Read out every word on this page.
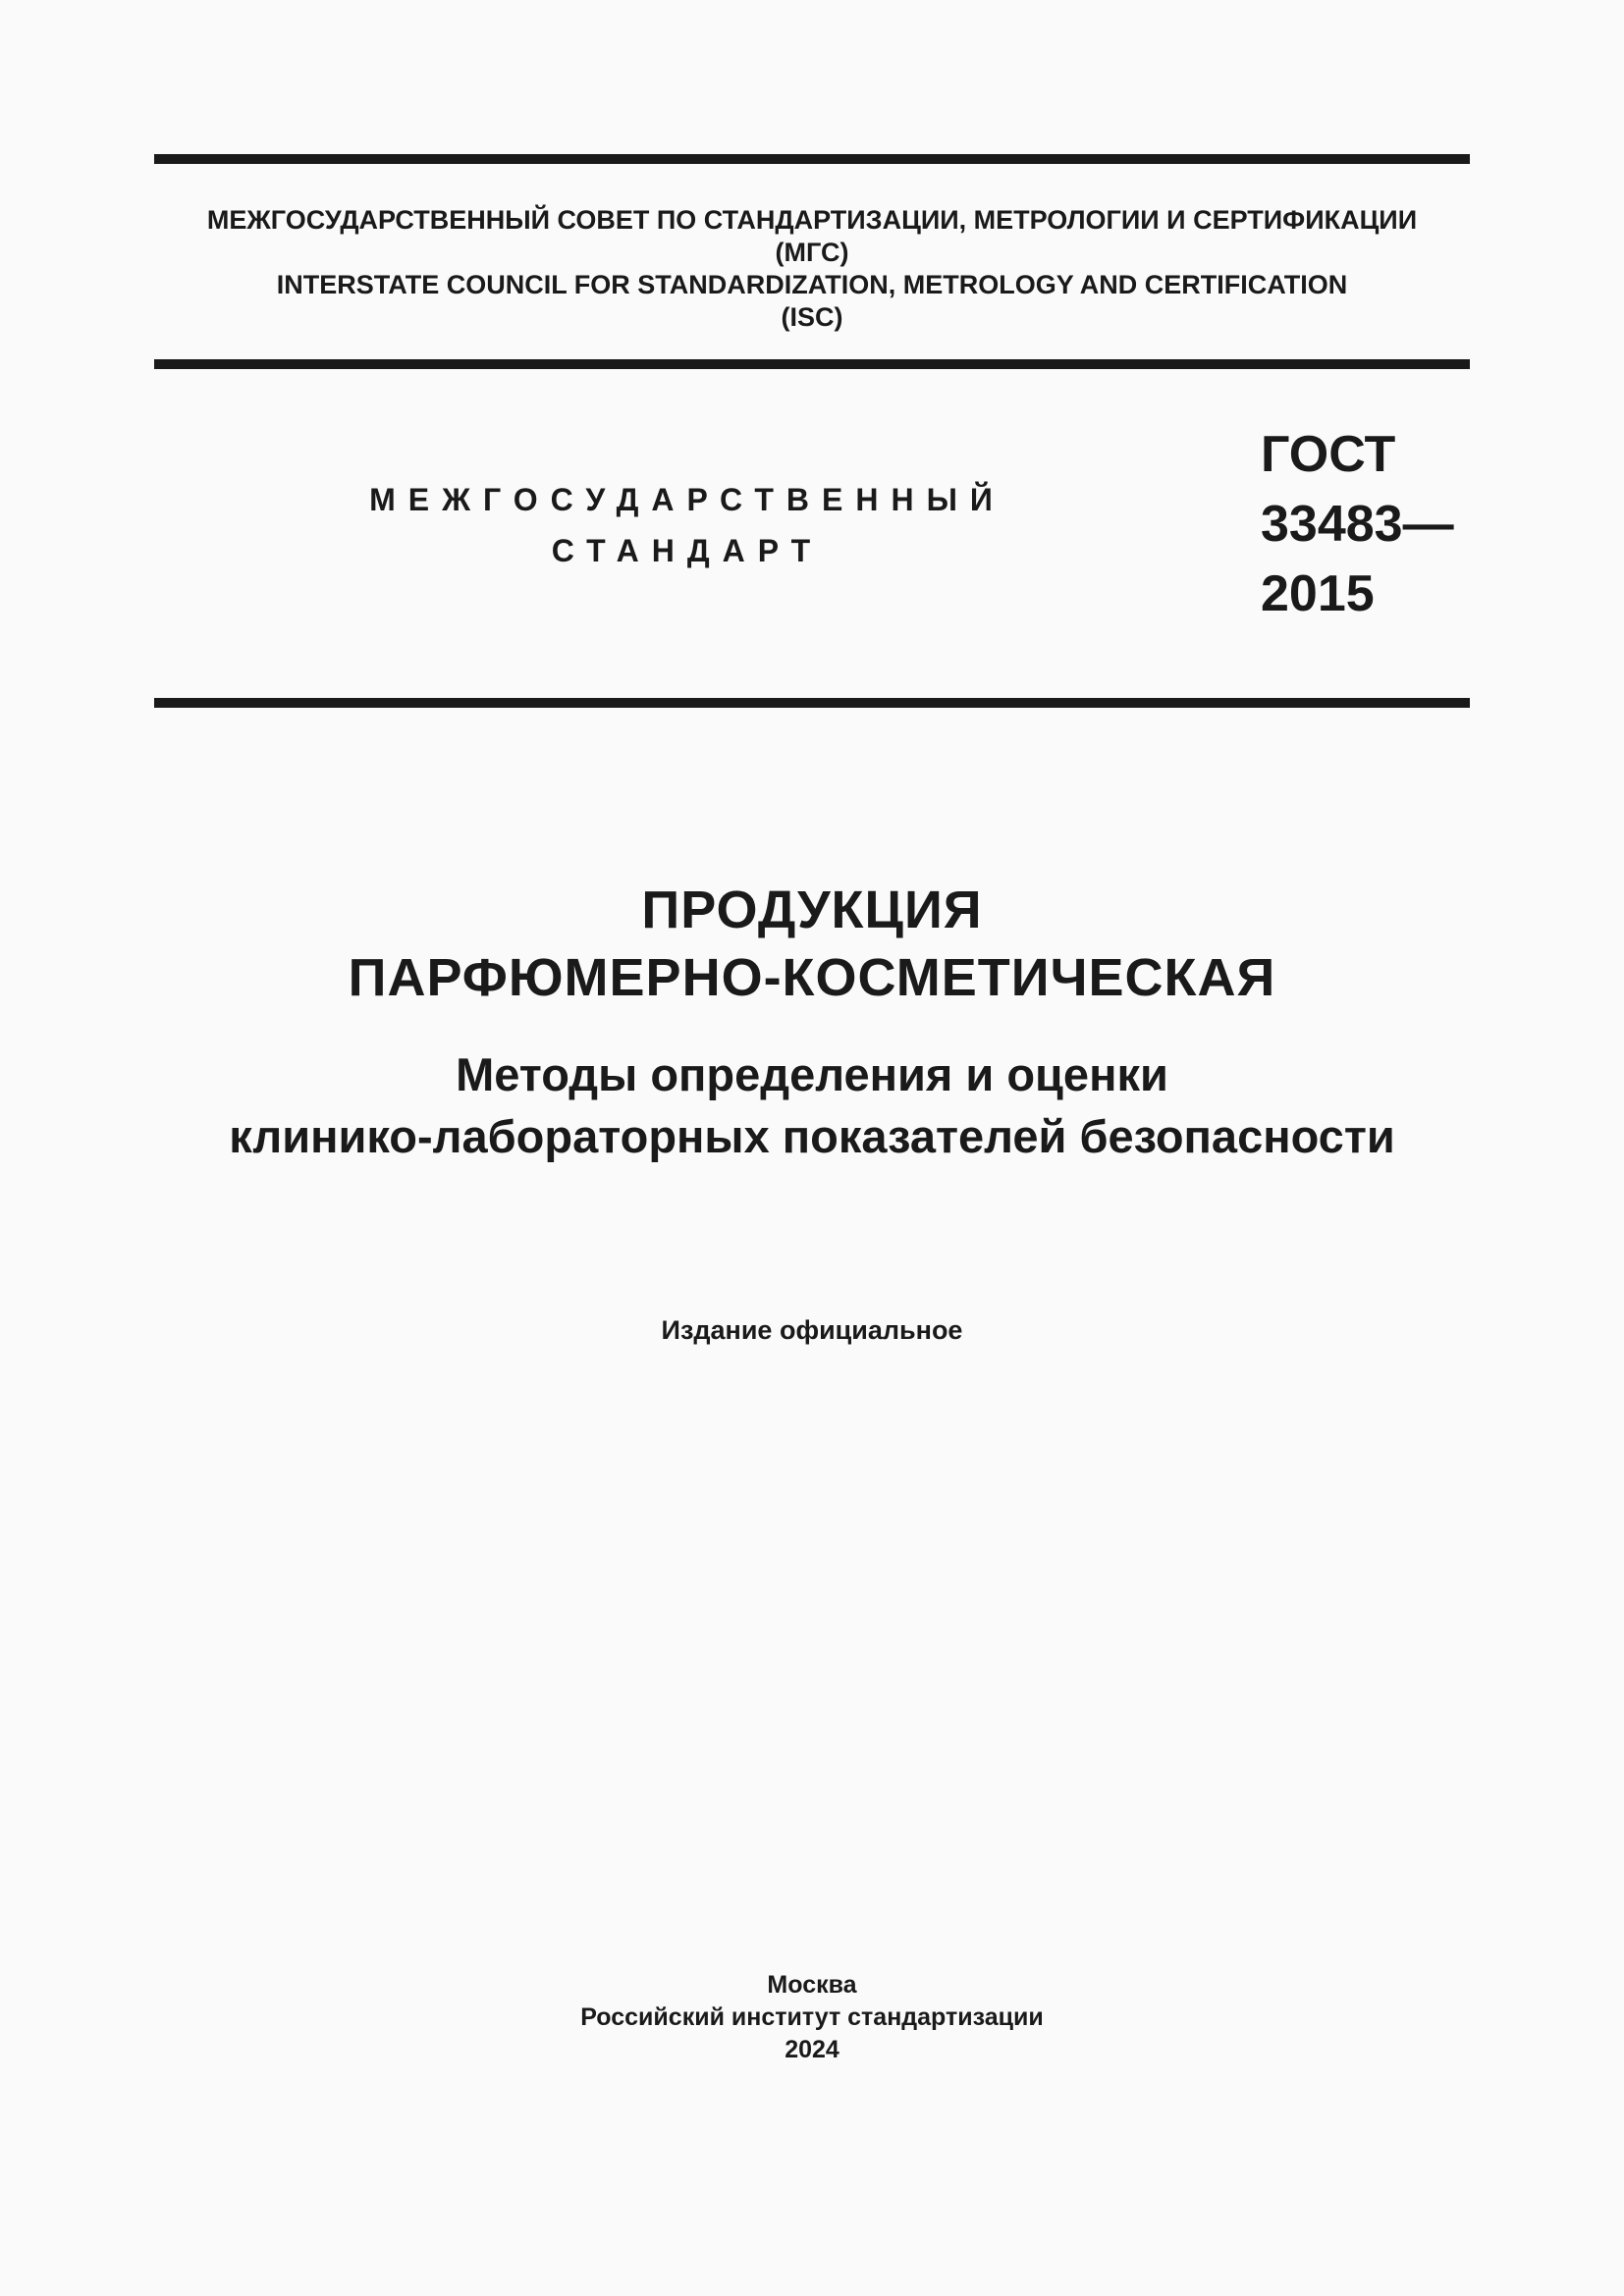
МЕЖГОСУДАРСТВЕННЫЙ СОВЕТ ПО СТАНДАРТИЗАЦИИ, МЕТРОЛОГИИ И СЕРТИФИКАЦИИ
(МГС)
INTERSTATE COUNCIL FOR STANDARDIZATION, METROLOGY AND CERTIFICATION
(ISC)
МЕЖГОСУДАРСТВЕННЫЙ
СТАНДАРТ
ГОСТ
33483—
2015
ПРОДУКЦИЯ
ПАРФЮМЕРНО-КОСМЕТИЧЕСКАЯ
Методы определения и оценки
клинико-лабораторных показателей безопасности
Издание официальное
Москва
Российский институт стандартизации
2024
